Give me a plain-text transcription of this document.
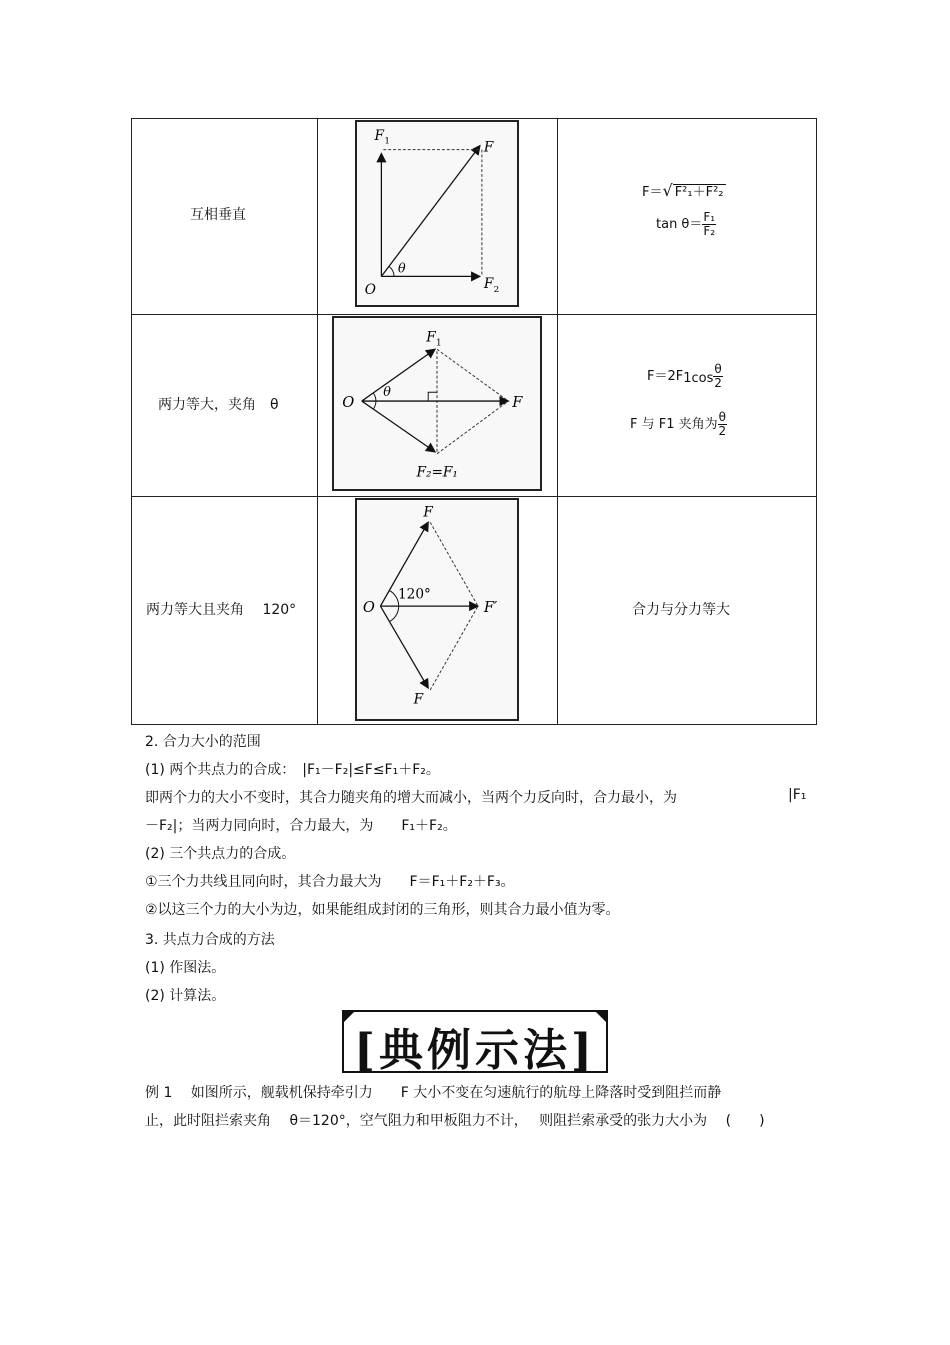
互相垂直
F 1	F
O
θ
F 2
F＝√ F²₁＋F²₂
$\tan \theta= \frac{\text{F₁}}{\text{F₂}}$
两力等大，夹角　θ
F 1
O
θ
F
F₂=F₁
$F=2F1\cos \frac{\theta}{2}$
F 与 F1 夹角为 $\frac{\theta}{2}$
两力等大且夹角　 120°
F
O
120°
F′
F
合力与分力等大
2. 合力大小的范围
(1) 两个共点力的合成：　|F₁－F₂|≤F≤F₁＋F₂。
即两个力的大小不变时，其合力随夹角的增大而减小，当两个力反向时，合力最小，为	|F₁
－F₂|；当两力同向时，合力最大，为　　F₁＋F₂。
(2) 三个共点力的合成。
①三个力共线且同向时，其合力最大为　　F＝F₁＋F₂＋F₃。
②以这三个力的大小为边，如果能组成封闭的三角形，则其合力最小值为零。
3. 共点力合成的方法
(1) 作图法。
(2) 计算法。
[典例示法]
例 1　 如图所示，舰载机保持牵引力　　F 大小不变在匀速航行的航母上降落时受到阻拦而静
止，此时阻拦索夹角　 θ＝120°，空气阻力和甲板阻力不计，　 则阻拦索承受的张力大小为　 (　　)
